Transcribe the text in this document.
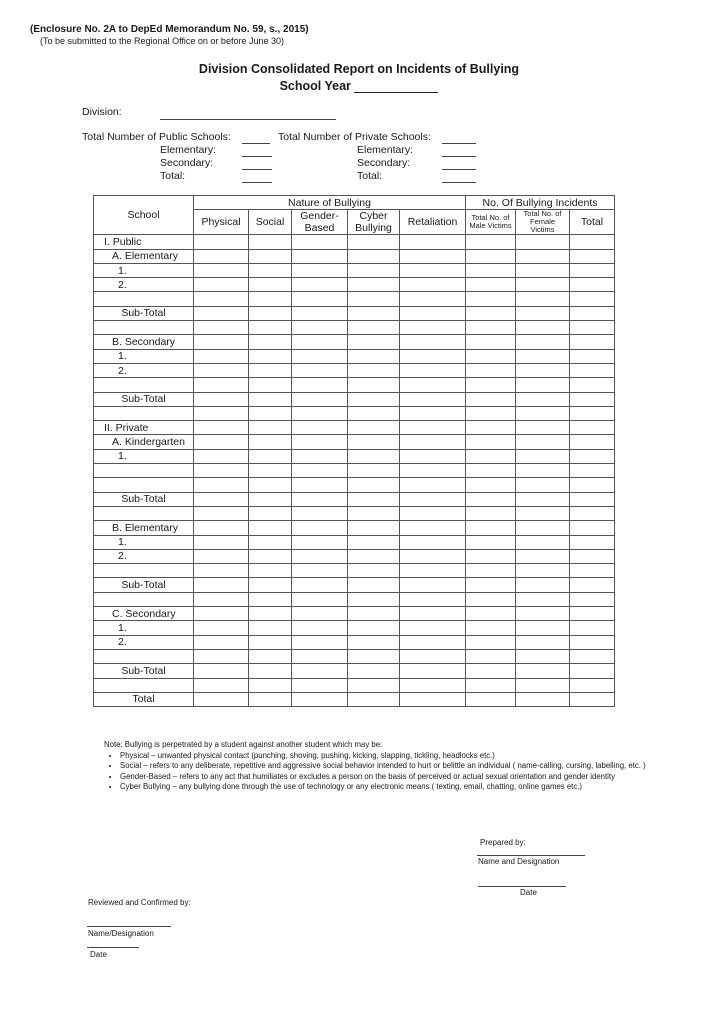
(Enclosure No. 2A to DepEd Memorandum No. 59, s., 2015)
(To be submitted to the Regional Office on or before June 30)
Division Consolidated Report on Incidents of Bullying
School Year
Division:
Total Number of Public Schools:	Total Number of Private Schools:
Elementary:
Secondary:
Total:
Elementary:
Secondary:
Total:
School	Nature of Bullying					No. Of Bullying Incidents		
	Physical	Social	Gender-Based	Cyber Bullying	Retaliation	Total No. of Male Victims	Total No. of Female Victims	Total

I. Public								
A. Elementary								
1.								
2.								

Sub-Total								

B. Secondary								
1.								
2.								

Sub-Total								

II. Private								
A. Kindergarten								
1.								

Sub-Total								

B. Elementary								
1.								
2.								

Sub-Total								

C. Secondary								
1.								
2.								

Sub-Total								

Total								
Note: Bullying is perpetrated by a student against another student which may be:
• Physical – unwanted physical contact (punching, shoving, pushing, kicking, slapping, tickling, headlocks etc.)
• Social – refers to any deliberate, repetitive and aggressive social behavior intended to hurt or belittle an individual ( name-calling, cursing, labelling, etc. )
• Gender-Based – refers to any act that humiliates or excludes a person on the basis of perceived or actual sexual orientation and gender identity
• Cyber Bullying – any bullying done through the use of technology or any electronic means ( texting, email, chatting, online games etc.)
Prepared by:
Name and Designation
Date
Reviewed and Confirmed by:
Name/Designation
Date
